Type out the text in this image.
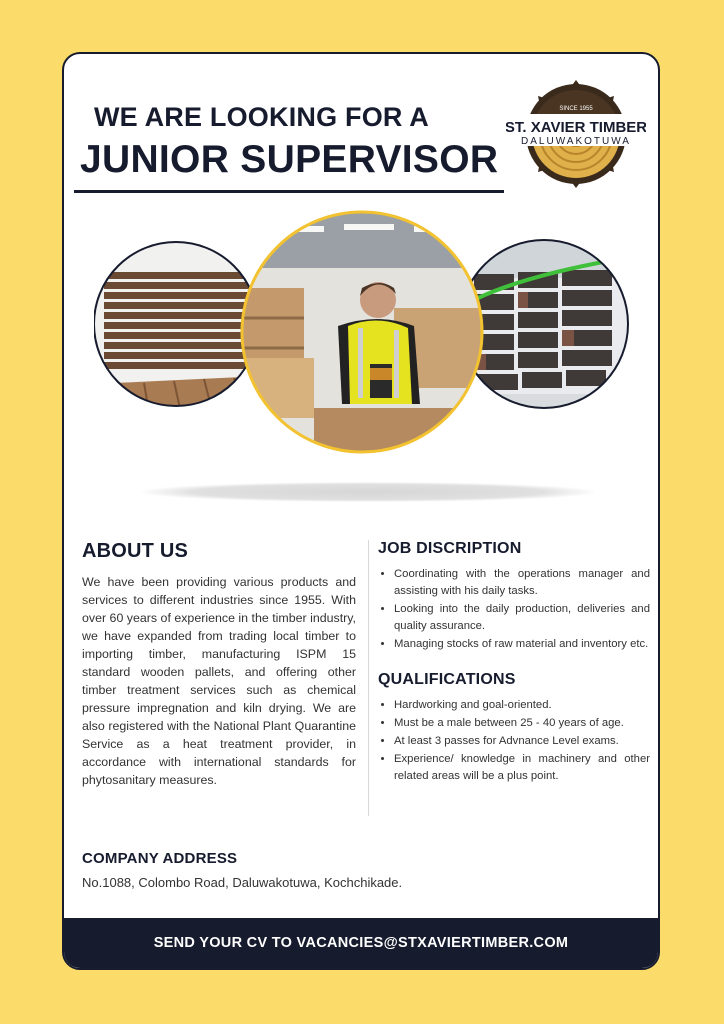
WE ARE LOOKING FOR A
JUNIOR SUPERVISOR
SINCE 1955
ST. XAVIER TIMBER
DALUWAKOTUWA
ABOUT US
We have been providing various products and services to different industries since 1955. With over 60 years of experience in the timber industry, we have expanded from trading local timber to importing timber, manufacturing ISPM 15 standard wooden pallets, and offering other timber treatment services such as chemical pressure impregnation and kiln drying. We are also registered with the National Plant Quarantine Service as a heat treatment provider, in accordance with international standards for phytosanitary measures.
JOB DISCRIPTION
• Coordinating with the operations manager and assisting with his daily tasks.
• Looking into the daily production, deliveries and quality assurance.
• Managing stocks of raw material and inventory etc.
QUALIFICATIONS
• Hardworking and goal-oriented.
• Must be a male between 25 - 40 years of age.
• At least 3 passes for Advnance Level exams.
• Experience/ knowledge in machinery and other related areas will be a plus point.
COMPANY ADDRESS
No.1088, Colombo Road, Daluwakotuwa, Kochchikade.
SEND YOUR CV TO VACANCIES@STXAVIERTIMBER.COM
